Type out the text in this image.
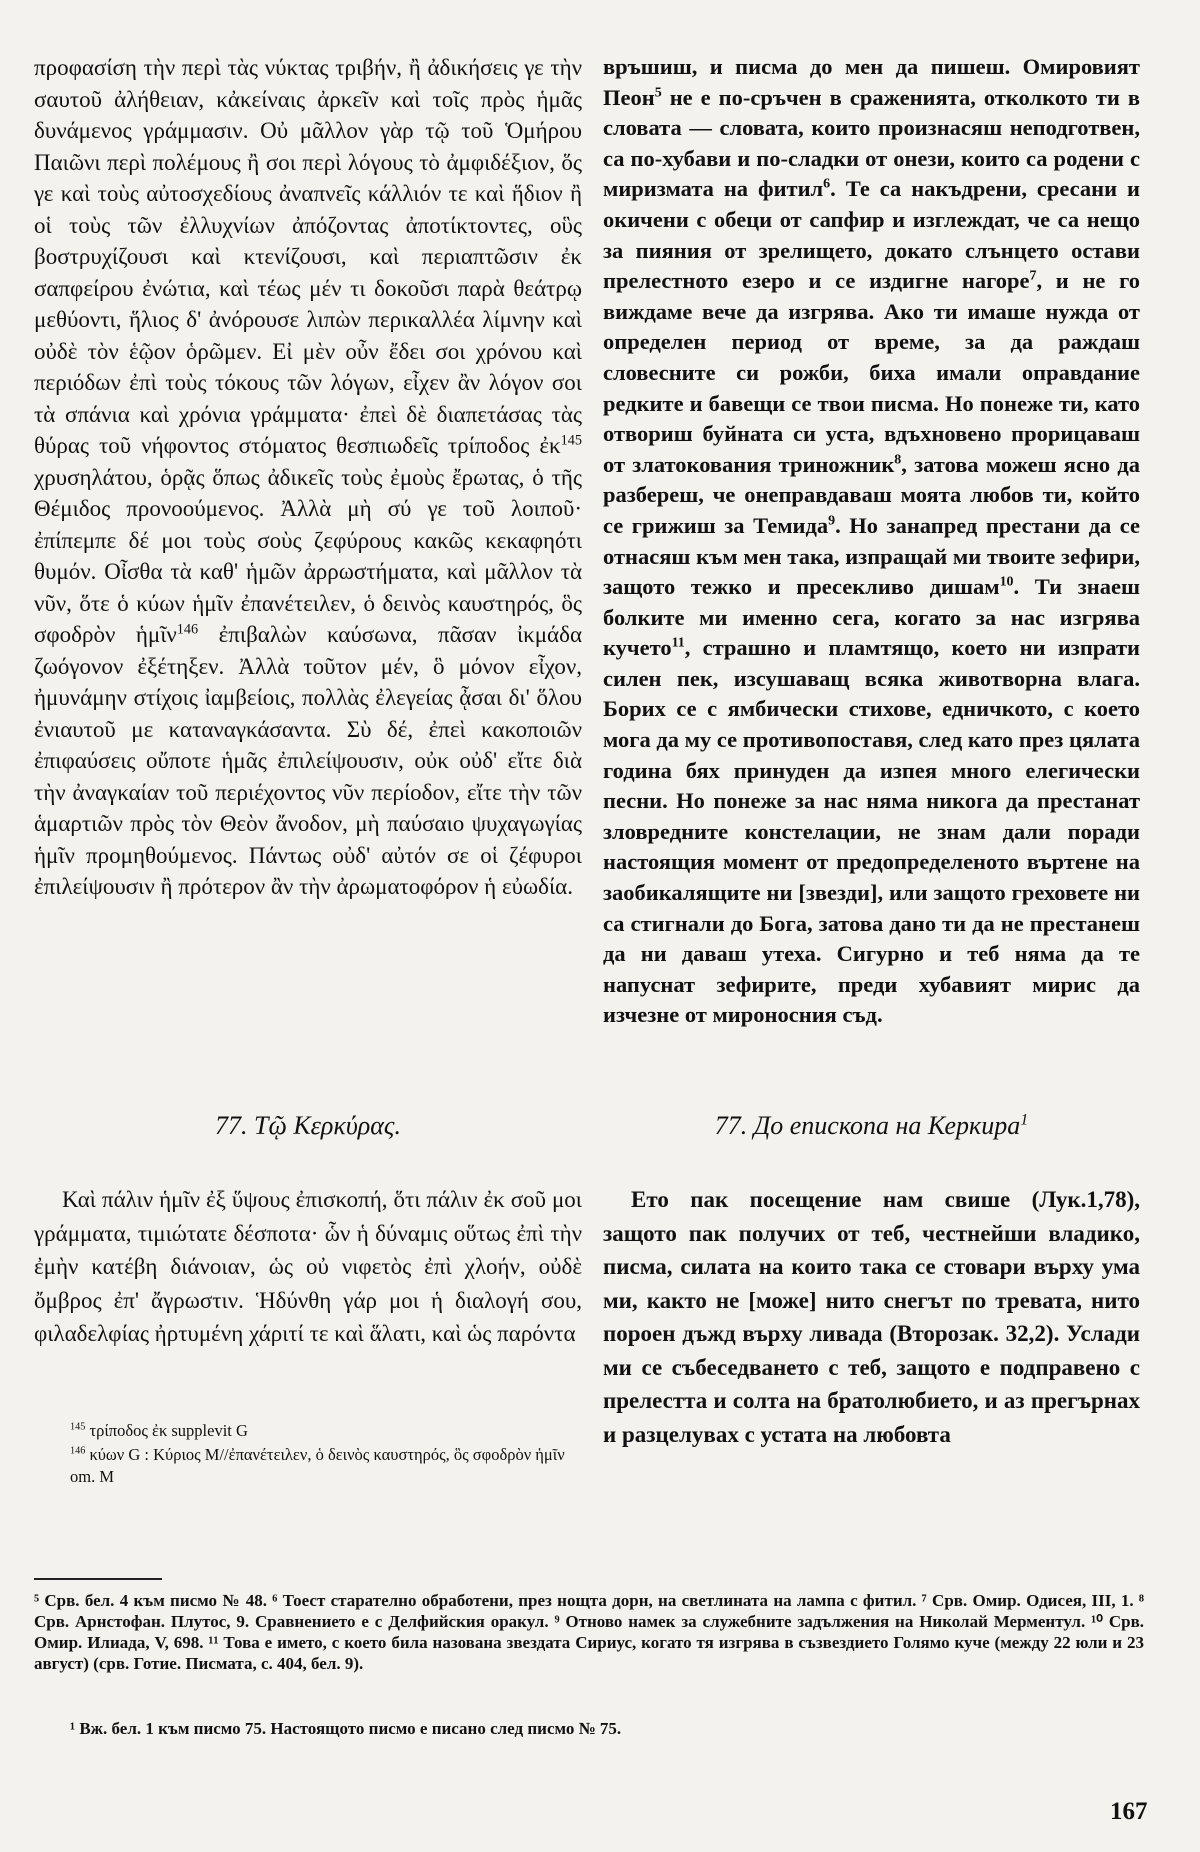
προφασίση τὴν περὶ τὰς νύκτας τριβήν, ἢ ἀδικήσεις γε τὴν σαυτοῦ ἀλήθειαν, κἀκείναις ἀρκεῖν καὶ τοῖς πρὸς ἡμᾶς δυνάμενος γράμμασιν. Οὐ μᾶλλον γὰρ τῷ τοῦ Ὁμήρου Παιῶνι περὶ πολέμους ἢ σοι περὶ λόγους τὸ ἀμφιδέξιον, ὅς γε καὶ τοὺς αὐτοσχεδίους ἀναπνεῖς κάλλιόν τε καὶ ἥδιον ἢ οἱ τοὺς τῶν ἐλλυχνίων ἀπόζοντας ἀποτίκτοντες, οὓς βοστρυχίζουσι καὶ κτενίζουσι, καὶ περιαπτῶσιν ἐκ σαπφείρου ἐνώτια, καὶ τέως μέν τι δοκοῦσι παρὰ θεάτρῳ μεθύοντι, ἥλιος δ' ἀνόρουσε λιπὼν περικαλλέα λίμνην καὶ οὐδὲ τὸν ἑῷον ὁρῶμεν. Εἰ μὲν οὖν ἔδει σοι χρόνου καὶ περιόδων ἐπὶ τοὺς τόκους τῶν λόγων, εἶχεν ἂν λόγον σοι τὰ σπάνια καὶ χρόνια γράμματα· ἐπεὶ δὲ διαπετάσας τὰς θύρας τοῦ νήφοντος στόματος θεσπιωδεῖς τρίποδος ἐκ$^{145}$ χρυσηλάτου, ὁρᾷς ὅπως ἀδικεῖς τοὺς ἐμοὺς ἔρωτας, ὁ τῆς Θέμιδος προνοούμενος. Ἀλλὰ μὴ σύ γε τοῦ λοιποῦ· ἐπίπεμπε δέ μοι τοὺς σοὺς ζεφύρους κακῶς κεκαφηότι θυμόν. Οἶσθα τὰ καθ' ἡμῶν ἀρρωστήματα, καὶ μᾶλλον τὰ νῦν, ὅτε ὁ κύων ἡμῖν ἐπανέτειλεν, ὁ δεινὸς καυστηρός, ὃς σφοδρὸν ἡμῖν$^{146}$ ἐπιβαλὼν καύσωνα, πᾶσαν ἰκμάδα ζωόγονον ἐξέτηξεν. Ἀλλὰ τοῦτον μέν, ὃ μόνον εἶχον, ἠμυνάμην στίχοις ἰαμβείοις, πολλὰς ἐλεγείας ᾆσαι δι' ὅλου ἐνιαυτοῦ με καταναγκάσαντα. Σὺ δέ, ἐπεὶ κακοποιῶν ἐπιφαύσεις οὔποτε ἡμᾶς ἐπιλείψουσιν, οὐκ οὐδ' εἴτε διὰ τὴν ἀναγκαίαν τοῦ περιέχοντος νῦν περίοδον, εἴτε τὴν τῶν ἁμαρτιῶν πρὸς τὸν Θεὸν ἄνοδον, μὴ παύσαιο ψυχαγωγίας ἡμῖν προμηθούμενος. Πάντως οὐδ' αὐτόν σε οἱ ζέφυροι ἐπιλείψουσιν ἢ πρότερον ἂν τὴν ἀρωματοφόρον ἡ εὐωδία.

връшиш, и писма до мен да пишеш. Омировият Пеон$^5$ не е по-сръчен в сраженията, отколкото ти в словата — словата, които произнасяш неподготвен, са по-хубави и по-сладки от онези, които са родени с миризмата на фитил$^6$. Те са накъдрени, сресани и окичени с обеци от сапфир и изглеждат, че са нещо за пияния от зрелището, докато слънцето остави прелестното езеро и се издигне нагоре$^7$, и не го виждаме вече да изгрява. Ако ти имаше нужда от определен период от време, за да раждаш словесните си рожби, биха имали оправдание редките и бавещи се твои писма. Но понеже ти, като отвориш буйната си уста, вдъхновено прорицаваш от златокования триножник$^8$, затова можеш ясно да разбереш, че онеправдаваш моята любов ти, който се грижиш за Темида$^9$. Но занапред престани да се отнасяш към мен така, изпращай ми твоите зефири, защото тежко и пресекливо дишам$^{10}$. Ти знаеш болките ми именно сега, когато за нас изгрява кучето$^{11}$, страшно и пламтящо, което ни изпрати силен пек, изсушаващ всяка животворна влага. Борих се с ямбически стихове, едничкото, с което мога да му се противопоставя, след като през цялата година бях принуден да изпея много елегически песни. Но понеже за нас няма никога да престанат зловредните констелации, не знам дали поради настоящия момент от предопределеното въртене на заобикалящите ни [звезди], или защото греховете ни са стигнали до Бога, затова дано ти да не престанеш да ни даваш утеха. Сигурно и теб няма да те напуснат зефирите, преди хубавият мирис да изчезне от мироносния съд.

77. Τῷ Κερκύρας.	77. До епископа на Керкира$^1$

Καὶ πάλιν ἡμῖν ἐξ ὕψους ἐπισκοπή, ὅτι πάλιν ἐκ σοῦ μοι γράμματα, τιμιώτατε δέσποτα· ὧν ἡ δύναμις οὕτως ἐπὶ τὴν ἐμὴν κατέβη διάνοιαν, ὡς οὐ νιφετὸς ἐπὶ χλοήν, οὐδὲ ὄμβρος ἐπ' ἄγρωστιν. Ἡδύνθη γάρ μοι ἡ διαλογή σου, φιλαδελφίας ἠρτυμένη χάριτί τε καὶ ἅλατι, καὶ ὡς παρόντα

Ето пак посещение нам свише (Лук.1,78), защото пак получих от теб, честнейши владико, писма, силата на които така се стовари върху ума ми, както не [може] нито снегът по тревата, нито пороен дъжд върху ливада (Второзак. 32,2). Услади ми се събеседването с теб, защото е подправено с прелестта и солта на братолюбието, и аз прегърнах и разцелувах с устата на любовта

$^{145}$ τρίποδος ἐκ supplevit G
$^{146}$ κύων G : Κύριος M//ἐπανέτειλεν, ὁ δεινὸς καυστηρός, ὃς σφοδρὸν ἡμῖν om. M
⁵ Срв. бел. 4 към писмо № 48. ⁶ Тоест старателно обработени, през нощта дорн, на светлината на лампа с фитил. ⁷ Срв. Омир. Одисея, III, 1. ⁸ Срв. Арнстофан. Плутос, 9. Сравнението е с Делфийския оракул. ⁹ Отново намек за служебните задължения на Николай Мерментул. ¹⁰ Срв. Омир. Илиада, V, 698. ¹¹ Това е името, с което била назована звездата Сириус, когато тя изгрява в съзвездието Голямо куче (между 22 юли и 23 август) (срв. Готие. Писмата, с. 404, бел. 9).
¹ Вж. бел. 1 към писмо 75. Настоящото писмо е писано след писмо № 75.
167
